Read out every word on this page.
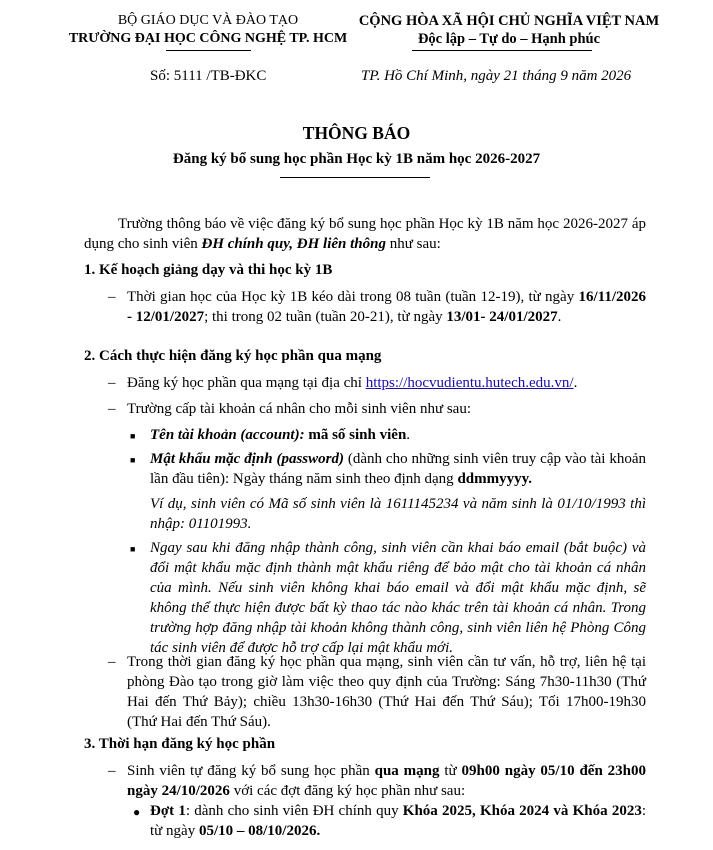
BỘ GIÁO DỤC VÀ ĐÀO TẠO
TRƯỜNG ĐẠI HỌC CÔNG NGHỆ TP. HCM
CỘNG HÒA XÃ HỘI CHỦ NGHĨA VIỆT NAM
Độc lập – Tự do – Hạnh phúc
Số: 5111 /TB-ĐKC	TP. Hồ Chí Minh, ngày 21 tháng 9 năm 2026
THÔNG BÁO
Đăng ký bổ sung học phần Học kỳ 1B năm học 2026-2027
Trường thông báo về việc đăng ký bổ sung học phần Học kỳ 1B năm học 2026-2027 áp dụng cho sinh viên ĐH chính quy, ĐH liên thông như sau:
1. Kế hoạch giảng dạy và thi học kỳ 1B
– Thời gian học của Học kỳ 1B kéo dài trong 08 tuần (tuần 12-19), từ ngày 16/11/2026 - 12/01/2027; thi trong 02 tuần (tuần 20-21), từ ngày 13/01- 24/01/2027.
2. Cách thực hiện đăng ký học phần qua mạng
– Đăng ký học phần qua mạng tại địa chỉ https://hocvudientu.hutech.edu.vn/.
– Trường cấp tài khoản cá nhân cho mỗi sinh viên như sau:
■ Tên tài khoản (account): mã số sinh viên.
■ Mật khẩu mặc định (password) (dành cho những sinh viên truy cập vào tài khoản lần đầu tiên): Ngày tháng năm sinh theo định dạng ddmmyyyy.
Ví dụ, sinh viên có Mã số sinh viên là 1611145234 và năm sinh là 01/10/1993 thì nhập: 01101993.
■ Ngay sau khi đăng nhập thành công, sinh viên cần khai báo email (bắt buộc) và đổi mật khẩu mặc định thành mật khẩu riêng để bảo mật cho tài khoản cá nhân của mình. Nếu sinh viên không khai báo email và đổi mật khẩu mặc định, sẽ không thể thực hiện được bất kỳ thao tác nào khác trên tài khoản cá nhân. Trong trường hợp đăng nhập tài khoản không thành công, sinh viên liên hệ Phòng Công tác sinh viên để được hỗ trợ cấp lại mật khẩu mới.
– Trong thời gian đăng ký học phần qua mạng, sinh viên cần tư vấn, hỗ trợ, liên hệ tại phòng Đào tạo trong giờ làm việc theo quy định của Trường: Sáng 7h30-11h30 (Thứ Hai đến Thứ Bảy); chiều 13h30-16h30 (Thứ Hai đến Thứ Sáu); Tối 17h00-19h30 (Thứ Hai đến Thứ Sáu).
3. Thời hạn đăng ký học phần
– Sinh viên tự đăng ký bổ sung học phần qua mạng từ 09h00 ngày 05/10 đến 23h00 ngày 24/10/2026 với các đợt đăng ký học phần như sau:
● Đợt 1: dành cho sinh viên ĐH chính quy Khóa 2025, Khóa 2024 và Khóa 2023: từ ngày 05/10 – 08/10/2026.
